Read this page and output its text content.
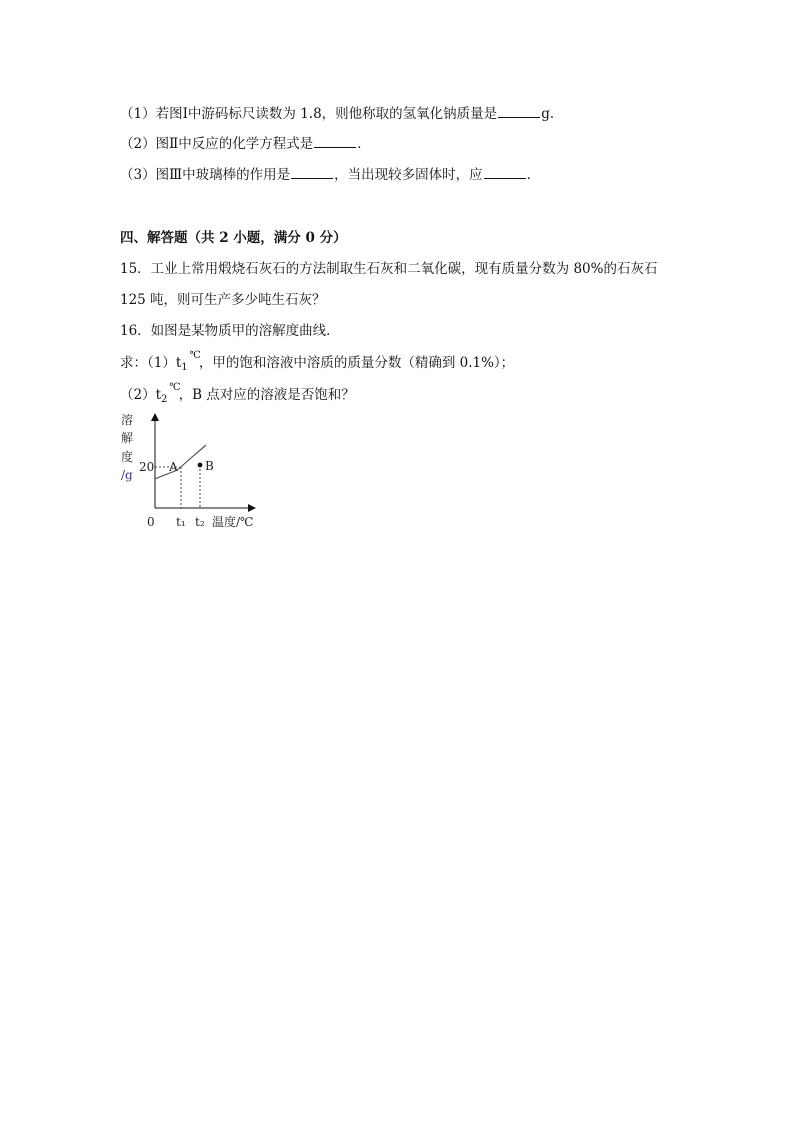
（1）若图Ⅰ中游码标尺读数为 1.8，则他称取的氢氧化钠质量是	g．
（2）图Ⅱ中反应的化学方程式是	．
（3）图Ⅲ中玻璃棒的作用是	，当出现较多固体时，应	．
四、解答题（共 2 小题，满分 0 分）
15．工业上常用煅烧石灰石的方法制取生石灰和二氧化碳，现有质量分数为 80%的石灰石
125 吨，则可生产多少吨生石灰？
16．如图是某物质甲的溶解度曲线．
求：$(1)t_1^℃$，甲的饱和溶液中溶质的质量分数（精确到 0.1%）；
$(2)t_2^℃$，B 点对应的溶液是否饱和？
溶
解
度
/g
20 A B
0 t₁ t₂ 温度/℃
